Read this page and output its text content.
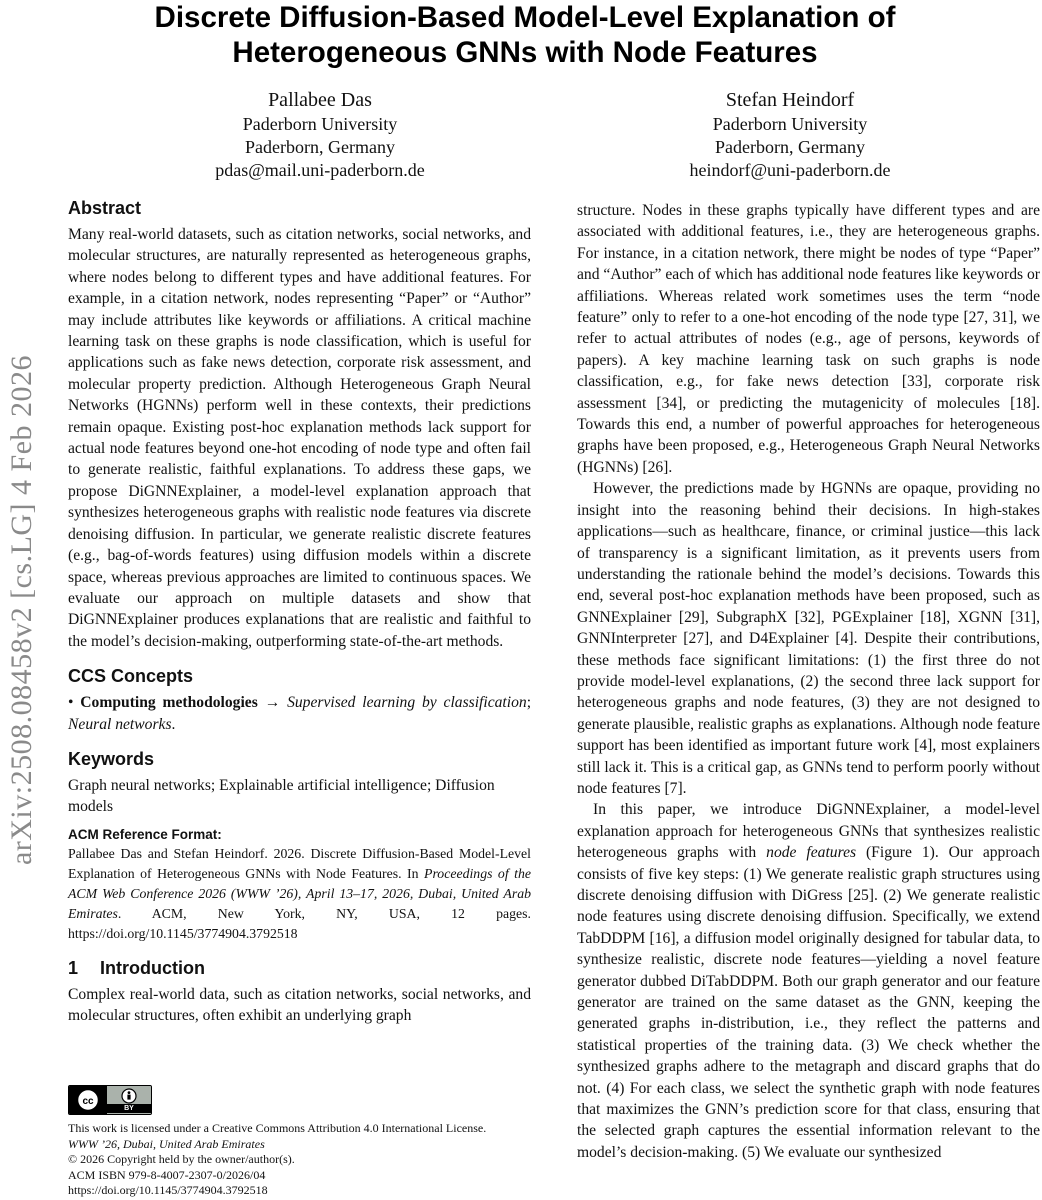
arXiv:2508.08458v2 [cs.LG] 4 Feb 2026
Discrete Diffusion-Based Model-Level Explanation of
Heterogeneous GNNs with Node Features
Pallabee Das
Paderborn University
Paderborn, Germany
pdas@mail.uni-paderborn.de
Stefan Heindorf
Paderborn University
Paderborn, Germany
heindorf@uni-paderborn.de
Abstract

Many real-world datasets, such as citation networks, social networks, and molecular structures, are naturally represented as heterogeneous graphs, where nodes belong to different types and have additional features. For example, in a citation network, nodes representing “Paper” or “Author” may include attributes like keywords or affiliations. A critical machine learning task on these graphs is node classification, which is useful for applications such as fake news detection, corporate risk assessment, and molecular property prediction. Although Heterogeneous Graph Neural Networks (HGNNs) perform well in these contexts, their predictions remain opaque. Existing post-hoc explanation methods lack support for actual node features beyond one-hot encoding of node type and often fail to generate realistic, faithful explanations. To address these gaps, we propose DiGNNExplainer, a model-level explanation approach that synthesizes heterogeneous graphs with realistic node features via discrete denoising diffusion. In particular, we generate realistic discrete features (e.g., bag-of-words features) using diffusion models within a discrete space, whereas previous approaches are limited to continuous spaces. We evaluate our approach on multiple datasets and show that DiGNNExplainer produces explanations that are realistic and faithful to the model’s decision-making, outperforming state-of-the-art methods.

CCS Concepts

• Computing methodologies → Supervised learning by classification; Neural networks.

Keywords

Graph neural networks; Explainable artificial intelligence; Diffusion models

ACM Reference Format:

Pallabee Das and Stefan Heindorf. 2026. Discrete Diffusion-Based Model-Level Explanation of Heterogeneous GNNs with Node Features. In Proceedings of the ACM Web Conference 2026 (WWW ’26), April 13–17, 2026, Dubai, United Arab Emirates. ACM, New York, NY, USA, 12 pages. https://doi.org/10.1145/3774904.3792518

1 Introduction

Complex real-world data, such as citation networks, social networks, and molecular structures, often exhibit an underlying graph

cc
BY
This work is licensed under a Creative Commons Attribution 4.0 International License.
WWW ’26, Dubai, United Arab Emirates
© 2026 Copyright held by the owner/author(s).
ACM ISBN 979-8-4007-2307-0/2026/04
https://doi.org/10.1145/3774904.3792518

structure. Nodes in these graphs typically have different types and are associated with additional features, i.e., they are heterogeneous graphs. For instance, in a citation network, there might be nodes of type “Paper” and “Author” each of which has additional node features like keywords or affiliations. Whereas related work sometimes uses the term “node feature” only to refer to a one-hot encoding of the node type [27, 31], we refer to actual attributes of nodes (e.g., age of persons, keywords of papers). A key machine learning task on such graphs is node classification, e.g., for fake news detection [33], corporate risk assessment [34], or predicting the mutagenicity of molecules [18]. Towards this end, a number of powerful approaches for heterogeneous graphs have been proposed, e.g., Heterogeneous Graph Neural Networks (HGNNs) [26].

However, the predictions made by HGNNs are opaque, providing no insight into the reasoning behind their decisions. In high-stakes applications—such as healthcare, finance, or criminal justice—this lack of transparency is a significant limitation, as it prevents users from understanding the rationale behind the model’s decisions. Towards this end, several post-hoc explanation methods have been proposed, such as GNNExplainer [29], SubgraphX [32], PGExplainer [18], XGNN [31], GNNInterpreter [27], and D4Explainer [4]. Despite their contributions, these methods face significant limitations: (1) the first three do not provide model-level explanations, (2) the second three lack support for heterogeneous graphs and node features, (3) they are not designed to generate plausible, realistic graphs as explanations. Although node feature support has been identified as important future work [4], most explainers still lack it. This is a critical gap, as GNNs tend to perform poorly without node features [7].

In this paper, we introduce DiGNNExplainer, a model-level explanation approach for heterogeneous GNNs that synthesizes realistic heterogeneous graphs with node features (Figure 1). Our approach consists of five key steps: (1) We generate realistic graph structures using discrete denoising diffusion with DiGress [25]. (2) We generate realistic node features using discrete denoising diffusion. Specifically, we extend TabDDPM [16], a diffusion model originally designed for tabular data, to synthesize realistic, discrete node features—yielding a novel feature generator dubbed DiTabDDPM. Both our graph generator and our feature generator are trained on the same dataset as the GNN, keeping the generated graphs in-distribution, i.e., they reflect the patterns and statistical properties of the training data. (3) We check whether the synthesized graphs adhere to the metagraph and discard graphs that do not. (4) For each class, we select the synthetic graph with node features that maximizes the GNN’s prediction score for that class, ensuring that the selected graph captures the essential information relevant to the model’s decision-making. (5) We evaluate our synthesized
